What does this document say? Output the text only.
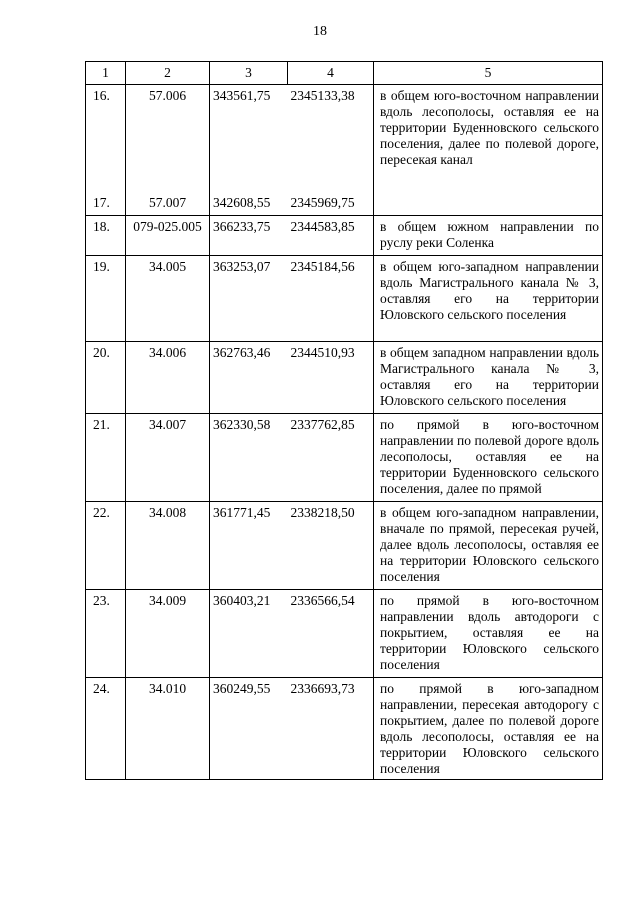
18
1	2	3	4	5
16.	57.006	343561,75	2345133,38	в общем юго-восточном направлении вдоль лесополосы, оставляя ее на территории Буденновского сельского поселения, далее по полевой дороге, пересекая канал
17.	57.007	342608,55	2345969,75	
18.	079-025.005	366233,75	2344583,85	в общем южном направлении по руслу реки Соленка
19.	34.005	363253,07	2345184,56	в общем юго-западном направлении вдоль Магистрального канала № 3, оставляя его на территории Юловского сельского поселения
20.	34.006	362763,46	2344510,93	в общем западном направлении вдоль Магистрального канала № 3, оставляя его на территории Юловского сельского поселения
21.	34.007	362330,58	2337762,85	по прямой в юго-восточном направлении по полевой дороге вдоль лесополосы, оставляя ее на территории Буденновского сельского поселения, далее по прямой
22.	34.008	361771,45	2338218,50	в общем юго-западном направлении, вначале по прямой, пересекая ручей, далее вдоль лесополосы, оставляя ее на территории Юловского сельского поселения
23.	34.009	360403,21	2336566,54	по прямой в юго-восточном направлении вдоль автодороги с покрытием, оставляя ее на территории Юловского сельского поселения
24.	34.010	360249,55	2336693,73	по прямой в юго-западном направлении, пересекая автодорогу с покрытием, далее по полевой дороге вдоль лесополосы, оставляя ее на территории Юловского сельского поселения
